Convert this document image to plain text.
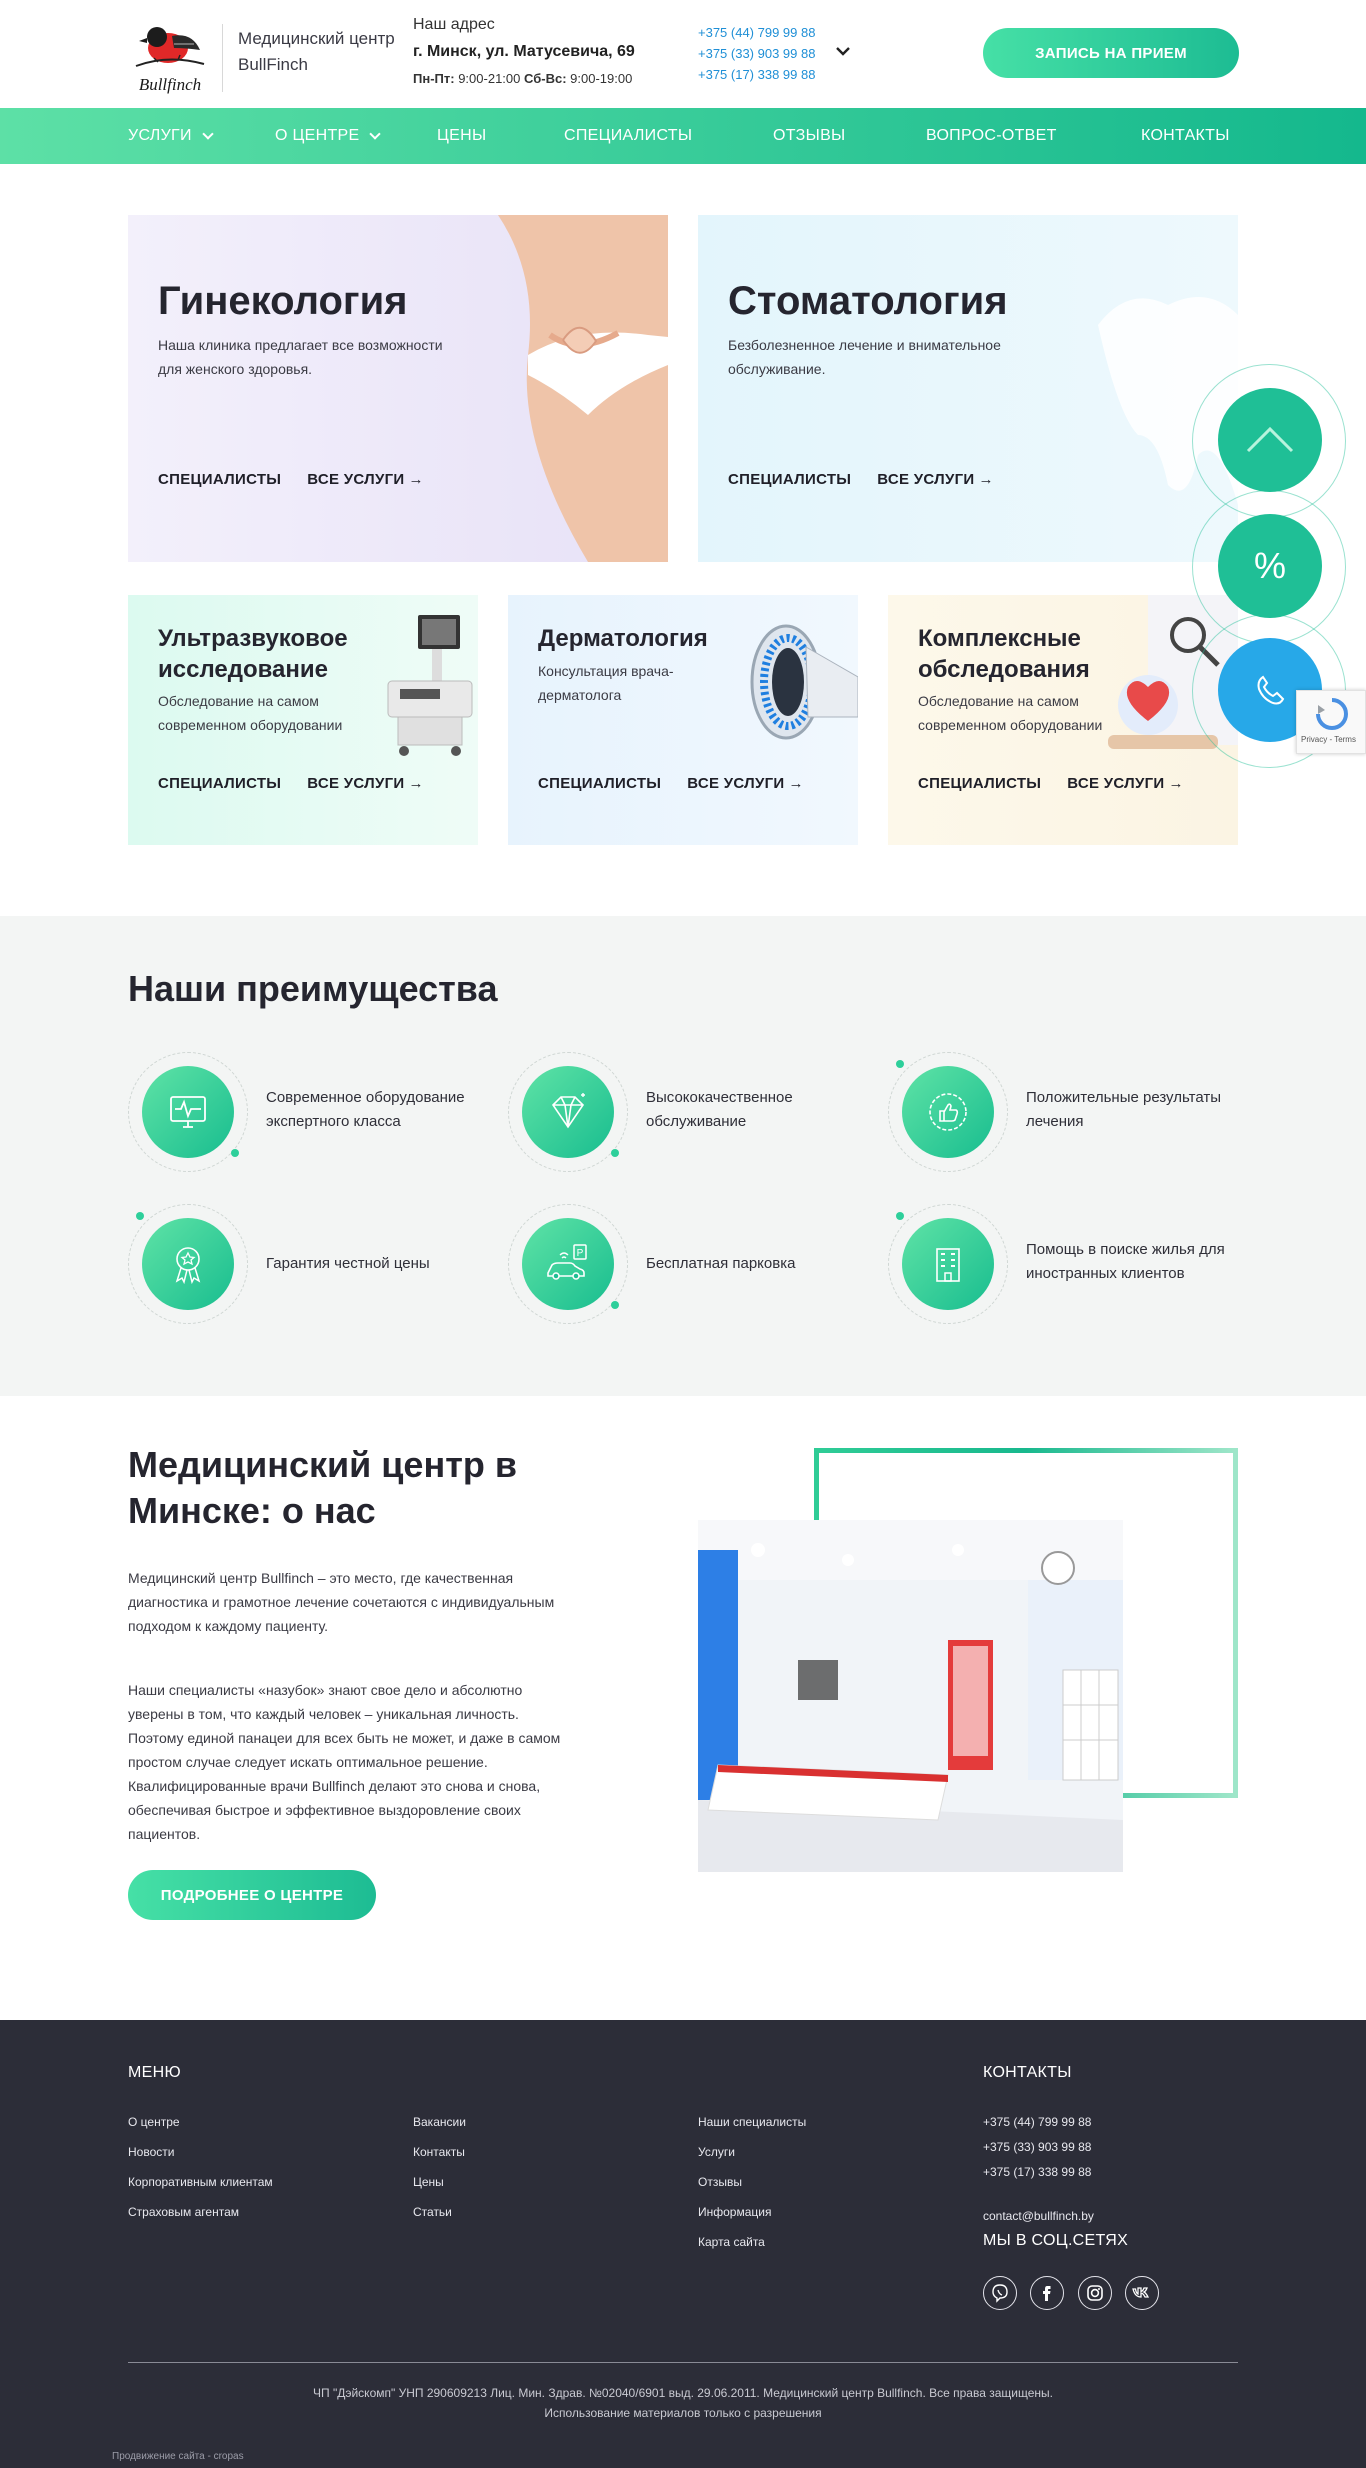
Bullfinch
Медицинский центр BullFinch
Наш адрес
г. Минск, ул. Матусевича, 69
Пн-Пт: 9:00-21:00 Сб-Вс: 9:00-19:00
+375 (44) 799 99 88
+375 (33) 903 99 88
+375 (17) 338 99 88
ЗАПИСЬ НА ПРИЕМ
УСЛУГИ	О ЦЕНТРЕ	ЦЕНЫ	СПЕЦИАЛИСТЫ	ОТЗЫВЫ	ВОПРОС-ОТВЕТ	КОНТАКТЫ
Гинекология

Наша клиника предлагает все возможности для женского здоровья.

СПЕЦИАЛИСТЫ ВСЕ УСЛУГИ →
Стоматология

Безболезненное лечение и внимательное обслуживание.

СПЕЦИАЛИСТЫ ВСЕ УСЛУГИ →
Ультразвуковое исследование

Обследование на самом современном оборудовании

СПЕЦИАЛИСТЫ ВСЕ УСЛУГИ →
Дерматология

Консультация врача-дерматолога

СПЕЦИАЛИСТЫ ВСЕ УСЛУГИ →
Комплексные обследования

Обследование на самом современном оборудовании

СПЕЦИАЛИСТЫ ВСЕ УСЛУГИ →
%
Privacy - Terms
Наши преимущества
Современное оборудование экспертного класса
Высококачественное обслуживание
Положительные результаты лечения
Гарантия честной цены
P
Бесплатная парковка
Помощь в поиске жилья для иностранных клиентов
Медицинский центр в Минске: о нас

Медицинский центр Bullfinch – это место, где качественная диагностика и грамотное лечение сочетаются с индивидуальным подходом к каждому пациенту.

Наши специалисты «назубок» знают свое дело и абсолютно уверены в том, что каждый человек – уникальная личность. Поэтому единой панацеи для всех быть не может, и даже в самом простом случае следует искать оптимальное решение. Квалифицированные врачи Bullfinch делают это снова и снова, обеспечивая быстрое и эффективное выздоровление своих пациентов.

ПОДРОБНЕЕ О ЦЕНТРЕ
МЕНЮ
О центре
Новости
Корпоративным клиентам
Страховым агентам
Вакансии
Контакты
Цены
Статьи
Наши специалисты
Услуги
Отзывы
Информация
Карта сайта
КОНТАКТЫ
+375 (44) 799 99 88
+375 (33) 903 99 88
+375 (17) 338 99 88
contact@bullfinch.by
МЫ В СОЦ.СЕТЯХ
ЧП "Дэйскомп" УНП 290609213 Лиц. Мин. Здрав. №02040/6901 выд. 29.06.2011. Медицинский центр Bullfinch. Все права защищены.
Использование материалов только с разрешения
Продвижение сайта - cropas
